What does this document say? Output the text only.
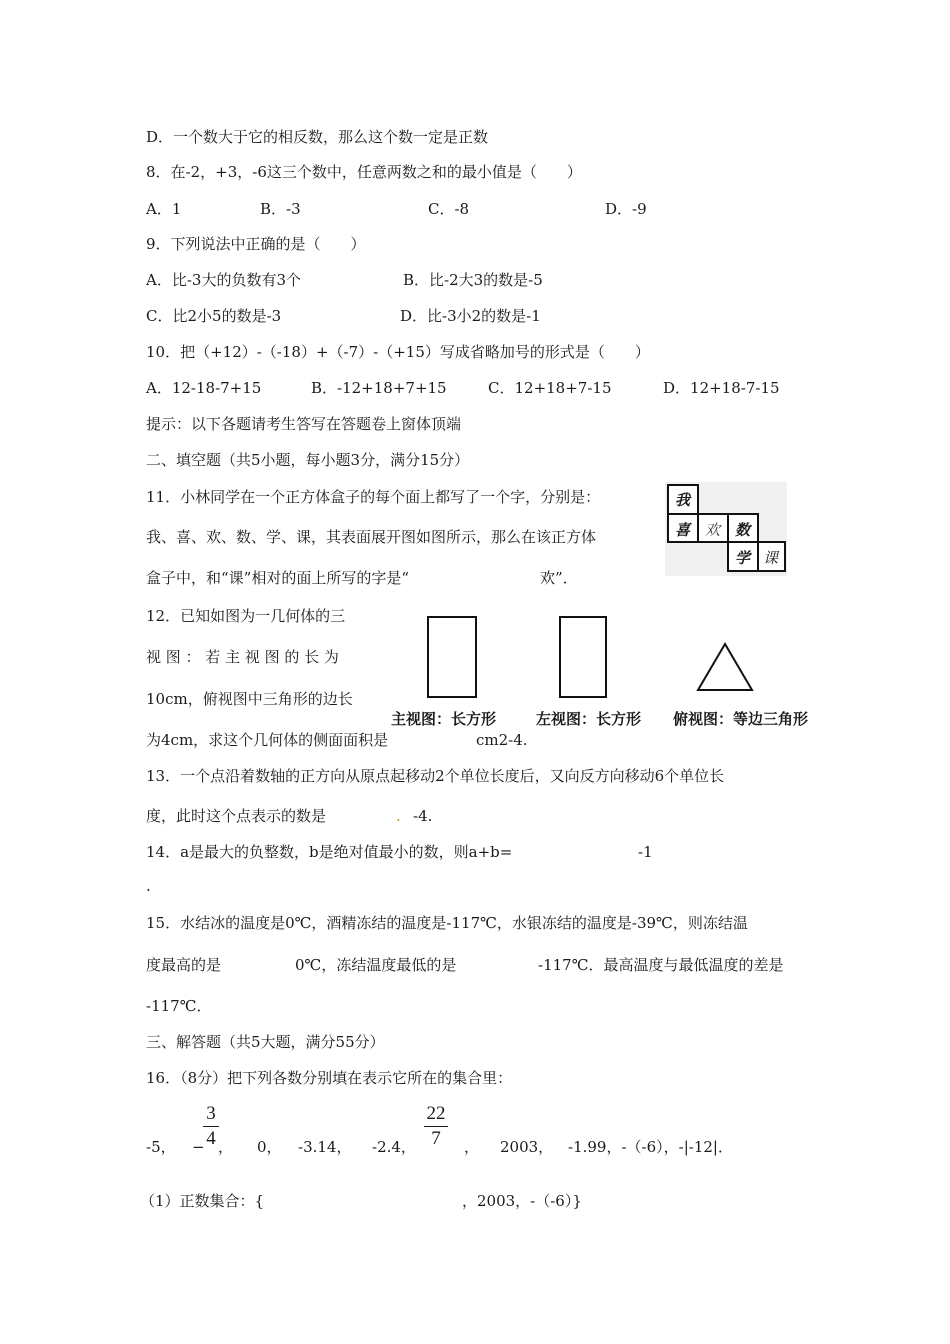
D．一个数大于它的相反数，那么这个数一定是正数
8．在-2，+3，-6这三个数中，任意两数之和的最小值是（　　）
A．1	B．-3	C．-8	D．-9
9．下列说法中正确的是（　　）
A．比-3大的负数有3个	B．比-2大3的数是-5
C．比2小5的数是-3	D．比-3小2的数是-1
10．把（+12）-（-18）+（-7）-（+15）写成省略加号的形式是（　　）
A．12-18-7+15	B．-12+18+7+15	C．12+18+7-15	D．12+18-7-15
提示：以下各题请考生答写在答题卷上窗体顶端
二、填空题（共5小题，每小题3分，满分15分）
11．小林同学在一个正方体盒子的每个面上都写了一个字，分别是：
我、喜、欢、数、学、课，其表面展开图如图所示，那么在该正方体
盒子中，和“课”相对的面上所写的字是“	欢”．
我
喜 欢 数
学 课
12．已知如图为一几何体的三
视 图 ： 若 主 视 图 的 长 为
10cm，俯视图中三角形的边长
为4cm，求这个几何体的侧面面积是	cm2-4.
主视图：长方形	左视图：长方形 俯视图：等边三角形
13．一个点沿着数轴的正方向从原点起移动2个单位长度后，又向反方向移动6个单位长
度，此时这个点表示的数是	. -4.
14．a是最大的负整数，b是绝对值最小的数，则a+b=	-1
.
15．水结冰的温度是0℃，酒精冻结的温度是-117℃，水银冻结的温度是-39℃，则冻结温
度最高的是	0℃，冻结温度最低的是	-117℃．最高温度与最低温度的差是
-117℃．
三、解答题（共5大题，满分55分）
16．（8分）把下列各数分别填在表示它所在的集合里：
-5， −
3
4 ， 0， -3.14， -2.4，
22
7	， 2003， -1.99，-（-6），-|-12|．
（1）正数集合：{	，2003，-（-6）}
